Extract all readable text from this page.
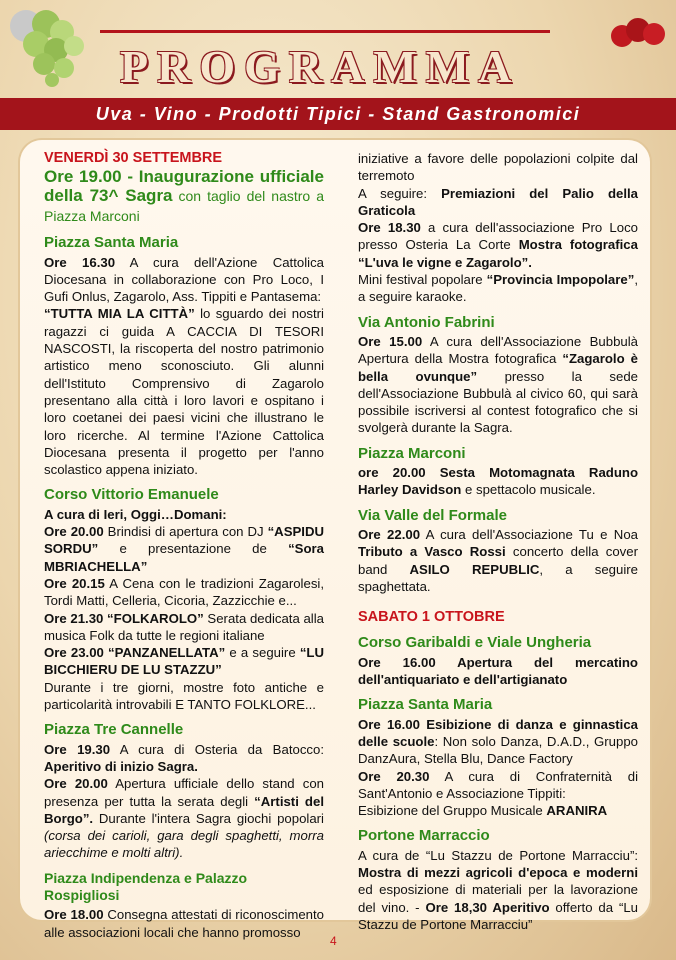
PROGRAMMA
Uva - Vino - Prodotti Tipici - Stand Gastronomici

VENERDÌ 30 SETTEMBRE

Ore 19.00 - Inaugurazione ufficiale della 73^ Sagra con taglio del nastro a Piazza Marconi

Piazza Santa Maria

Ore 16.30 A cura dell'Azione Cattolica Diocesana in collaborazione con Pro Loco, I Gufi Onlus, Zagarolo, Ass. Tippiti e Pantasema:

“TUTTA MIA LA CITTÀ” lo sguardo dei nostri ragazzi ci guida A CACCIA DI TESORI NASCOSTI, la riscoperta del nostro patrimonio artistico meno sconosciuto. Gli alunni dell'Istituto Comprensivo di Zagarolo presentano alla città i loro lavori e ospitano i loro coetanei dei paesi vicini che illustrano le loro ricerche. Al termine l'Azione Cattolica Diocesana presenta il progetto per l'anno scolastico appena iniziato.

Corso Vittorio Emanuele

A cura di Ieri, Oggi…Domani:

Ore 20.00 Brindisi di apertura con DJ “ASPIDU SORDU” e presentazione de “Sora MBRIACHELLA”

Ore 20.15 A Cena con le tradizioni Zagarolesi, Tordi Matti, Celleria, Cicoria, Zazzicchie e...

Ore 21.30 “FOLKAROLO” Serata dedicata alla musica Folk da tutte le regioni italiane

Ore 23.00 “PANZANELLATA” e a seguire “LU BICCHIERU DE LU STAZZU”

Durante i tre giorni, mostre foto antiche e particolarità introvabili E TANTO FOLKLORE...

Piazza Tre Cannelle

Ore 19.30 A cura di Osteria da Batocco: Aperitivo di inizio Sagra.

Ore 20.00 Apertura ufficiale dello stand con presenza per tutta la serata degli “Artisti del Borgo”. Durante l'intera Sagra giochi popolari (corsa dei carioli, gara degli spaghetti, morra ariecchime e molti altri).

Piazza Indipendenza e Palazzo Rospigliosi

Ore 18.00 Consegna attestati di riconoscimento alle associazioni locali che hanno promosso

iniziative a favore delle popolazioni colpite dal terremoto

A seguire: Premiazioni del Palio della Graticola

Ore 18.30 a cura dell'associazione Pro Loco presso Osteria La Corte Mostra fotografica “L'uva le vigne e Zagarolo”.

Mini festival popolare “Provincia Impopolare”, a seguire karaoke.

Via Antonio Fabrini

Ore 15.00 A cura dell'Associazione Bubbulà Apertura della Mostra fotografica “Zagarolo è bella ovunque” presso la sede dell'Associazione Bubbulà al civico 60, qui sarà possibile iscriversi al contest fotografico che si svolgerà durante la Sagra.

Piazza Marconi

ore 20.00 Sesta Motomagnata Raduno Harley Davidson e spettacolo musicale.

Via Valle del Formale

Ore 22.00 A cura dell'Associazione Tu e Noa Tributo a Vasco Rossi concerto della cover band ASILO REPUBLIC, a seguire spaghettata.

SABATO 1 OTTOBRE

Corso Garibaldi e Viale Ungheria

Ore 16.00 Apertura del mercatino dell'antiquariato e dell'artigianato

Piazza Santa Maria

Ore 16.00 Esibizione di danza e ginnastica delle scuole: Non solo Danza, D.A.D., Gruppo DanzAura, Stella Blu, Dance Factory

Ore 20.30 A cura di Confraternità di Sant'Antonio e Associazione Tippiti:

Esibizione del Gruppo Musicale ARANIRA

Portone Marraccio

A cura de “Lu Stazzu de Portone Marracciu”: Mostra di mezzi agricoli d'epoca e moderni ed esposizione di materiali per la lavorazione del vino. - Ore 18,30 Aperitivo offerto da “Lu Stazzu de Portone Marracciu”

4
